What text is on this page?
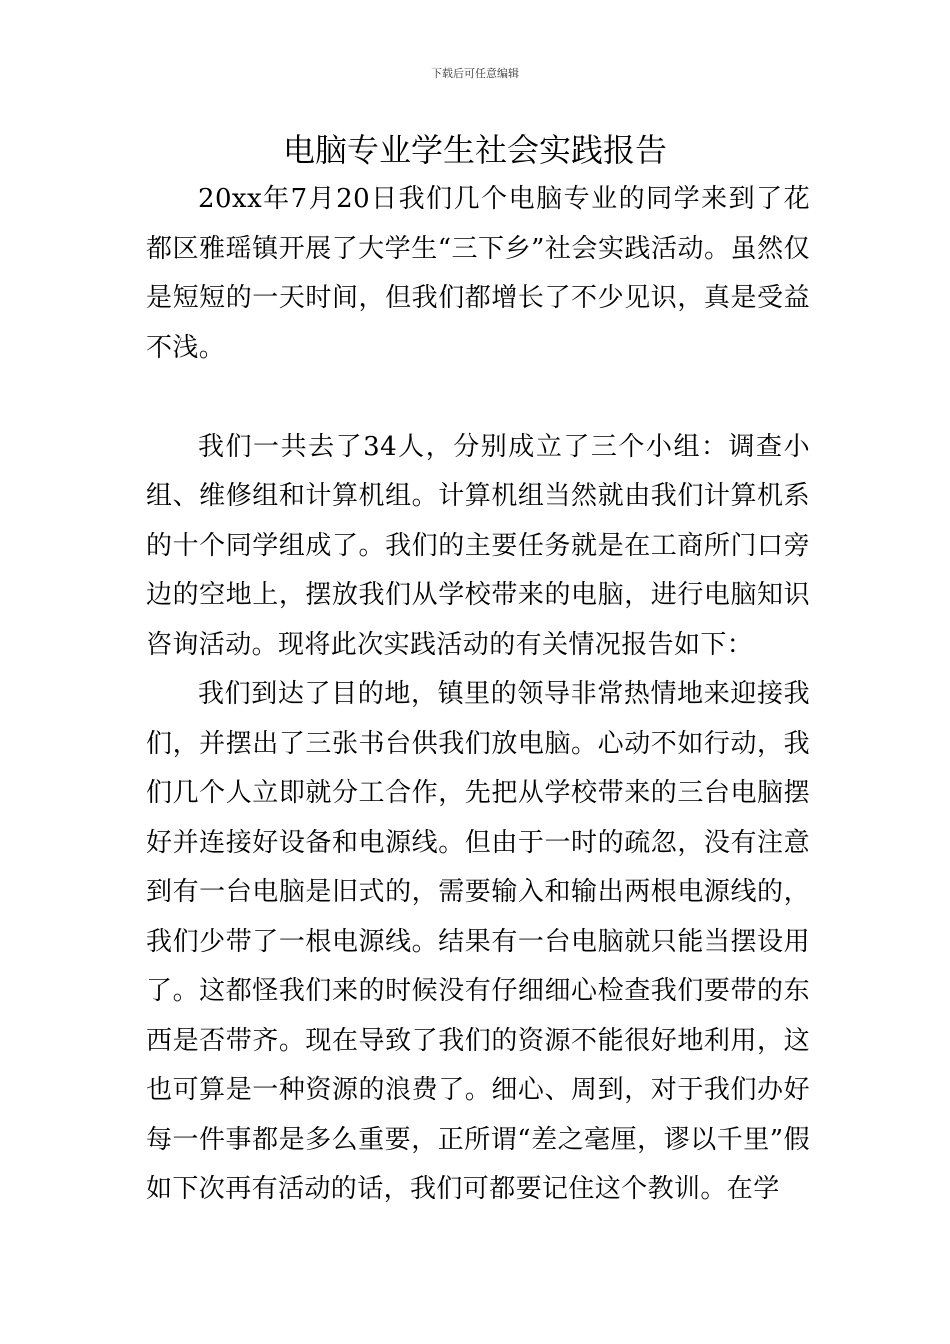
下载后可任意编辑
电脑专业学生社会实践报告

20xx年7月20日我们几个电脑专业的同学来到了花都区雅瑶镇开展了大学生“三下乡”社会实践活动。虽然仅是短短的一天时间，但我们都增长了不少见识，真是受益不浅。

我们一共去了34人，分别成立了三个小组：调查小组、维修组和计算机组。计算机组当然就由我们计算机系的十个同学组成了。我们的主要任务就是在工商所门口旁边的空地上，摆放我们从学校带来的电脑，进行电脑知识咨询活动。现将此次实践活动的有关情况报告如下：

我们到达了目的地，镇里的领导非常热情地来迎接我们，并摆出了三张书台供我们放电脑。心动不如行动，我们几个人立即就分工合作，先把从学校带来的三台电脑摆好并连接好设备和电源线。但由于一时的疏忽，没有注意到有一台电脑是旧式的，需要输入和输出两根电源线的，我们少带了一根电源线。结果有一台电脑就只能当摆设用了。这都怪我们来的时候没有仔细细心检查我们要带的东西是否带齐。现在导致了我们的资源不能很好地利用，这也可算是一种资源的浪费了。细心、周到，对于我们办好每一件事都是多么重要，正所谓“差之毫厘，谬以千里”假如下次再有活动的话，我们可都要记住这个教训。在学
